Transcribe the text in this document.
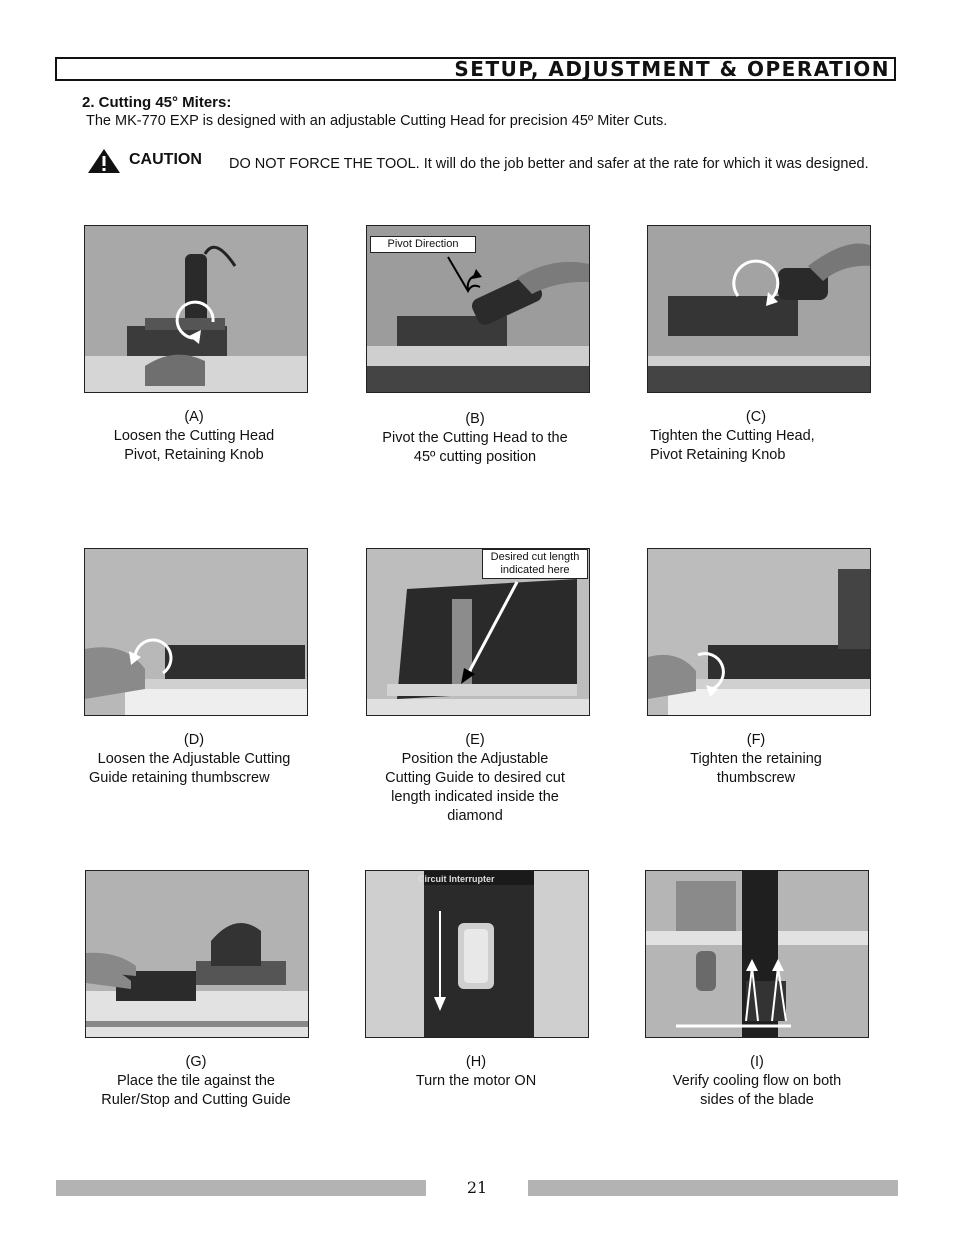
SETUP, ADJUSTMENT & OPERATION
2. Cutting 45° Miters:
The MK-770 EXP is designed with an adjustable Cutting Head for precision 45º Miter Cuts.
CAUTION DO NOT FORCE THE TOOL. It will do the job better and safer at the rate for which it was designed.
(A)
Loosen the Cutting Head
Pivot, Retaining Knob
Pivot Direction
(B)
Pivot the Cutting Head to the
45º cutting position
(C)
Tighten the Cutting Head,
Pivot Retaining Knob
(D)
Loosen the Adjustable Cutting
Guide retaining thumbscrew
Desired cut length
indicated here
(E)
Position the Adjustable
Cutting Guide to desired cut
length indicated inside the
diamond
(F)
Tighten the retaining
thumbscrew
(G)
Place the tile against the
Ruler/Stop and Cutting Guide
Circuit Interrupter
(H)
Turn the motor ON
(I)
Verify cooling flow on both
sides of the blade
21
